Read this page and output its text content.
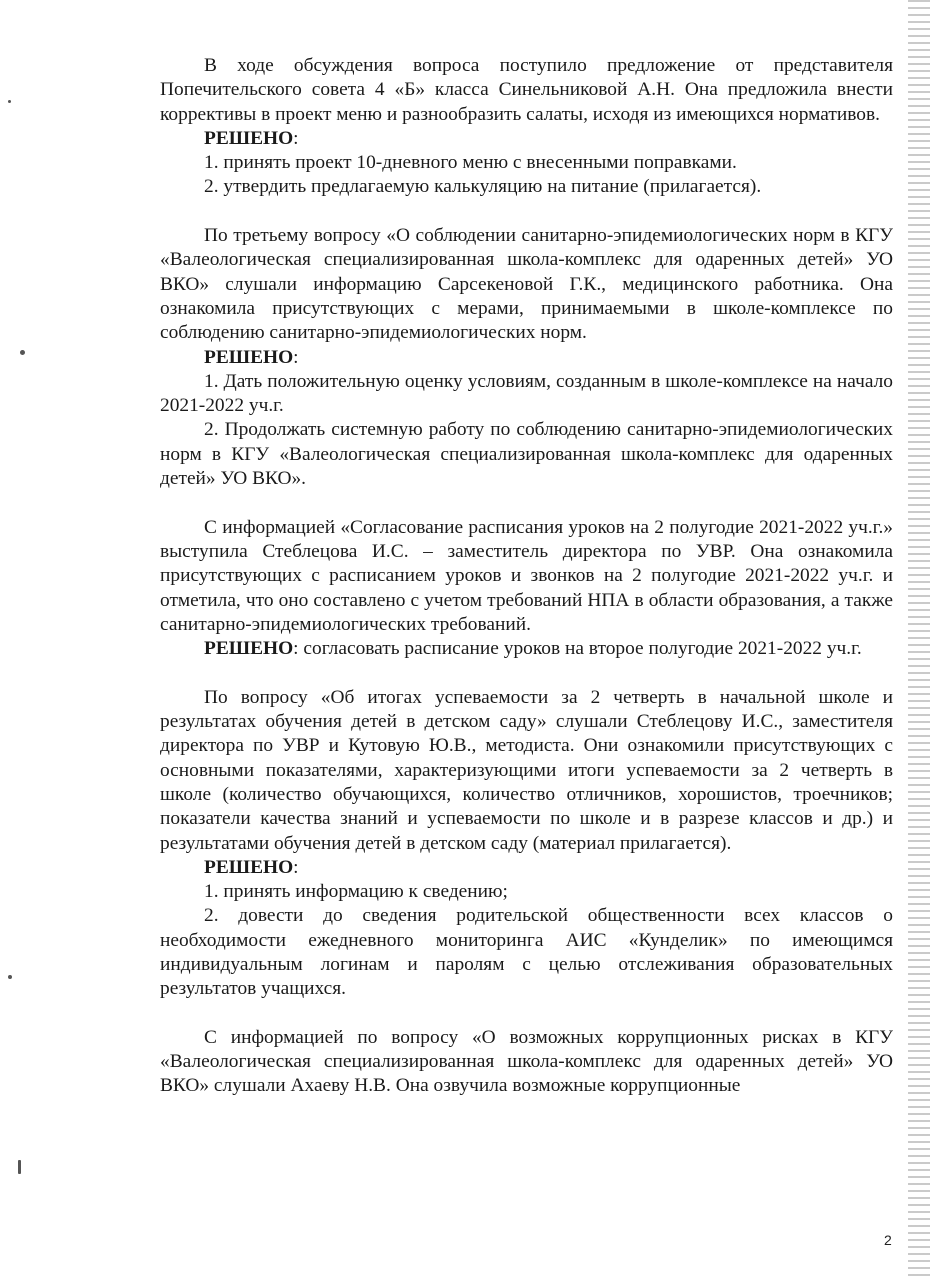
В ходе обсуждения вопроса поступило предложение от представителя Попечительского совета 4 «Б» класса Синельниковой А.Н. Она предложила внести коррективы в проект меню и разнообразить салаты, исходя из имеющихся нормативов.

РЕШЕНО:

1. принять проект 10-дневного меню с внесенными поправками.

2. утвердить предлагаемую калькуляцию на питание (прилагается).

По третьему вопросу «О соблюдении санитарно-эпидемиологических норм в КГУ «Валеологическая специализированная школа-комплекс для одаренных детей» УО ВКО» слушали информацию Сарсекеновой Г.К., медицинского работника. Она ознакомила присутствующих с мерами, принимаемыми в школе-комплексе по соблюдению санитарно-эпидемиологических норм.

РЕШЕНО:

1. Дать положительную оценку условиям, созданным в школе-комплексе на начало 2021-2022 уч.г.

2. Продолжать системную работу по соблюдению санитарно-эпидемиологических норм в КГУ «Валеологическая специализированная школа-комплекс для одаренных детей» УО ВКО».

С информацией «Согласование расписания уроков на 2 полугодие 2021-2022 уч.г.» выступила Стеблецова И.С. – заместитель директора по УВР. Она ознакомила присутствующих с расписанием уроков и звонков на 2 полугодие 2021-2022 уч.г. и отметила, что оно составлено с учетом требований НПА в области образования, а также санитарно-эпидемиологических требований.

РЕШЕНО: согласовать расписание уроков на второе полугодие 2021-2022 уч.г.

По вопросу «Об итогах успеваемости за 2 четверть в начальной школе и результатах обучения детей в детском саду» слушали Стеблецову И.С., заместителя директора по УВР и Кутовую Ю.В., методиста. Они ознакомили присутствующих с основными показателями, характеризующими итоги успеваемости за 2 четверть в школе (количество обучающихся, количество отличников, хорошистов, троечников; показатели качества знаний и успеваемости по школе и в разрезе классов и др.) и результатами обучения детей в детском саду (материал прилагается).

РЕШЕНО:

1. принять информацию к сведению;

2. довести до сведения родительской общественности всех классов о необходимости ежедневного мониторинга АИС «Кунделик» по имеющимся индивидуальным логинам и паролям с целью отслеживания образовательных результатов учащихся.

С информацией по вопросу «О возможных коррупционных рисках в КГУ «Валеологическая специализированная школа-комплекс для одаренных детей» УО ВКО» слушали Ахаеву Н.В. Она озвучила возможные коррупционные

2
